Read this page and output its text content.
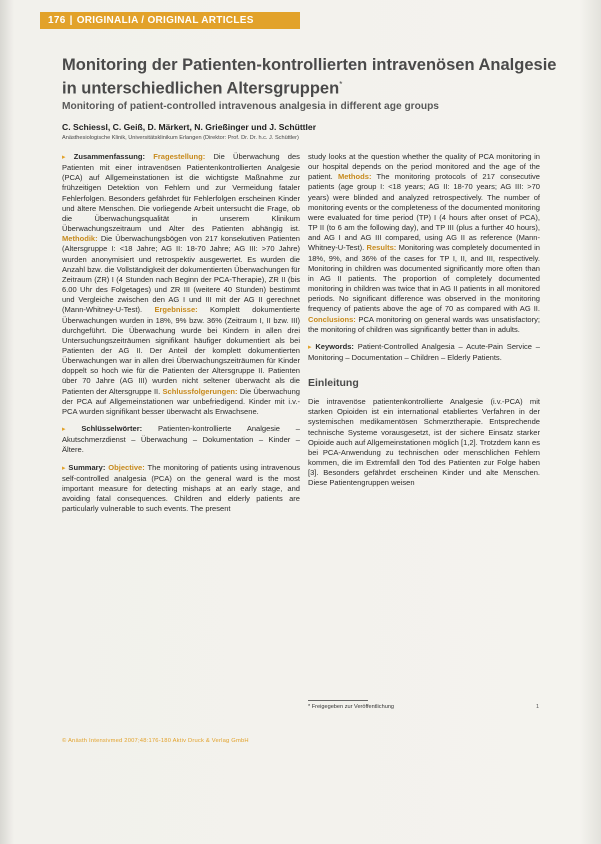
176 | ORIGINALIA / ORIGINAL ARTICLES
Monitoring der Patienten-kontrollierten intravenösen Analgesie in unterschiedlichen Altersgruppen*
Monitoring of patient-controlled intravenous analgesia in different age groups
C. Schiessl, C. Geiß, D. Märkert, N. Grießinger und J. Schüttler
Anästhesiologische Klinik, Universitätsklinikum Erlangen (Direktor: Prof. Dr. Dr. h.c. J. Schüttler)

▸ Zusammenfassung: Fragestellung: Die Überwachung des Patienten mit einer intravenösen Patientenkontrollierten Analgesie (PCA) auf Allgemeinstationen ist die wichtigste Maßnahme zur frühzeitigen Detektion von Fehlern und zur Vermeidung fataler Fehlerfolgen. Besonders gefährdet für Fehlerfolgen erscheinen Kinder und ältere Menschen. Die vorliegende Arbeit untersucht die Frage, ob die Überwachungsqualität in unserem Klinikum Überwachungszeitraum und Alter des Patienten abhängig ist. Methodik: Die Überwachungsbögen von 217 konsekutiven Patienten (Altersgruppe I: <18 Jahre; AG II: 18-70 Jahre; AG III: >70 Jahre) wurden anonymisiert und retrospektiv ausgewertet. Es wurden die Anzahl bzw. die Vollständigkeit der dokumentierten Überwachungen für Zeitraum (ZR) I (4 Stunden nach Beginn der PCA-Therapie), ZR II (bis 6.00 Uhr des Folgetages) und ZR III (weitere 40 Stunden) bestimmt und Vergleiche zwischen den AG I und III mit der AG II gerechnet (Mann-Whitney-U-Test). Ergebnisse: Komplett dokumentierte Überwachungen wurden in 18%, 9% bzw. 36% (Zeitraum I, II bzw. III) durchgeführt. Die Überwachung wurde bei Kindern in allen drei Untersuchungszeiträumen signifikant häufiger dokumentiert als bei Patienten der AG II. Der Anteil der komplett dokumentierten Überwachungen war in allen drei Überwachungszeiträumen für Kinder doppelt so hoch wie für die Patienten der Altersgruppe II. Patienten über 70 Jahre (AG III) wurden nicht seltener überwacht als die Patienten der Altersgruppe II. Schlussfolgerungen: Die Überwachung der PCA auf Allgemeinstationen war unbefriedigend. Kinder mit i.v.-PCA wurden signifikant besser überwacht als Erwachsene.

▸ Schlüsselwörter: Patienten-kontrollierte Analgesie – Akutschmerzdienst – Überwachung – Dokumentation – Kinder – Ältere.

▸ Summary: Objective: The monitoring of patients using intravenous self-controlled analgesia (PCA) on the general ward is the most important measure for detecting mishaps at an early stage, and avoiding fatal consequences. Children and elderly patients are particularly vulnerable to such events. The present

study looks at the question whether the quality of PCA monitoring in our hospital depends on the period monitored and the age of the patient. Methods: The monitoring protocols of 217 consecutive patients (age group I: <18 years; AG II: 18-70 years; AG III: >70 years) were blinded and analyzed retrospectively. The number of monitoring events or the completeness of the documented monitoring were evaluated for time period (TP) I (4 hours after onset of PCA), TP II (to 6 am the following day), and TP III (plus a further 40 hours), and AG I and AG III compared, using AG II as reference (Mann-Whitney-U-Test). Results: Monitoring was completely documented in 18%, 9%, and 36% of the cases for TP I, II, and III, respectively. Monitoring in children was documented significantly more often than in AG II patients. The proportion of completely documented monitoring in children was twice that in AG II patients in all monitored periods. No significant difference was observed in the monitoring frequency of patients above the age of 70 as compared with AG II. Conclusions: PCA monitoring on general wards was unsatisfactory; the monitoring of children was significantly better than in adults.

▸ Keywords: Patient-Controlled Analgesia – Acute-Pain Service – Monitoring – Documentation – Children – Elderly Patients.

Einleitung

Die intravenöse patientenkontrollierte Analgesie (i.v.-PCA) mit starken Opioiden ist ein international etabliertes Verfahren in der systemischen medikamentösen Schmerztherapie. Entsprechende technische Systeme vorausgesetzt, ist der sichere Einsatz starker Opioide auch auf Allgemeinstationen möglich [1,2]. Trotzdem kann es bei PCA-Anwendung zu technischen oder menschlichen Fehlern kommen, die im Extremfall den Tod des Patienten zur Folge haben [3]. Besonders gefährdet erscheinen Kinder und alte Menschen. Diese Patientengruppen weisen

* Freigegeben zur Veröffentlichung	1
© Anästh Intensivmed 2007;48:176-180 Aktiv Druck & Verlag GmbH
